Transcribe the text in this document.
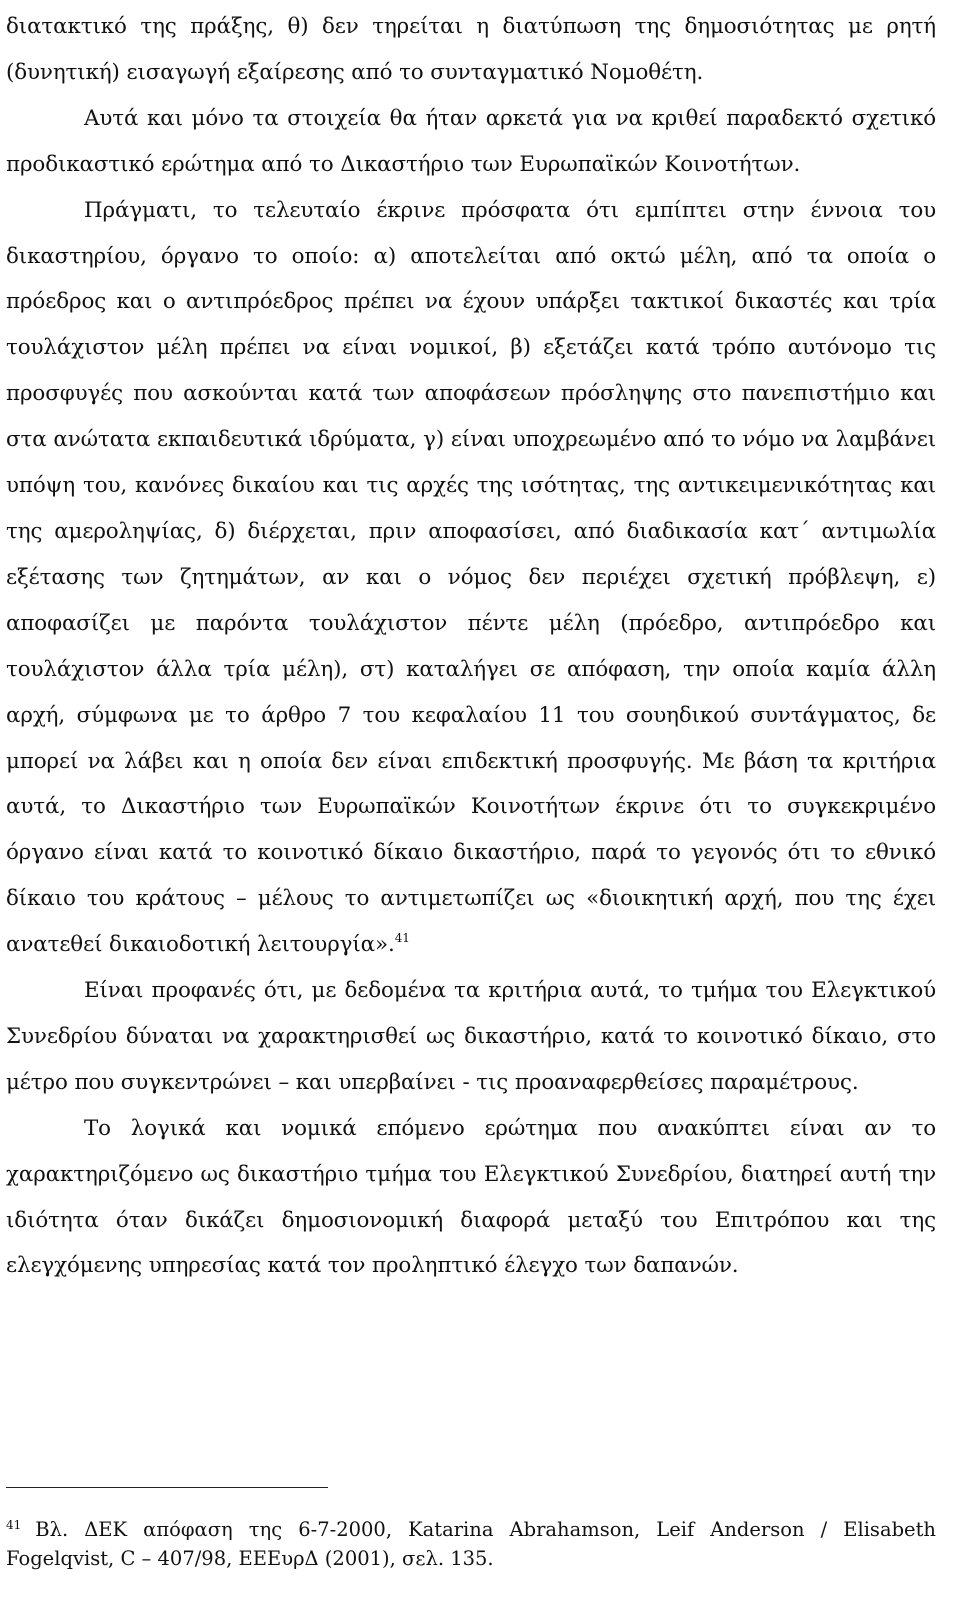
διατακτικό της πράξης, θ) δεν τηρείται η διατύπωση της δημοσιότητας με ρητή (δυνητική) εισαγωγή εξαίρεσης από το συνταγματικό Νομοθέτη.

Αυτά και μόνο τα στοιχεία θα ήταν αρκετά για να κριθεί παραδεκτό σχετικό προδικαστικό ερώτημα από το Δικαστήριο των Ευρωπαϊκών Κοινοτήτων.

Πράγματι, το τελευταίο έκρινε πρόσφατα ότι εμπίπτει στην έννοια του δικαστηρίου, όργανο το οποίο: α) αποτελείται από οκτώ μέλη, από τα οποία ο πρόεδρος και ο αντιπρόεδρος πρέπει να έχουν υπάρξει τακτικοί δικαστές και τρία τουλάχιστον μέλη πρέπει να είναι νομικοί, β) εξετάζει κατά τρόπο αυτόνομο τις προσφυγές που ασκούνται κατά των αποφάσεων πρόσληψης στο πανεπιστήμιο και στα ανώτατα εκπαιδευτικά ιδρύματα, γ) είναι υποχρεωμένο από το νόμο να λαμβάνει υπόψη του, κανόνες δικαίου και τις αρχές της ισότητας, της αντικειμενικότητας και της αμεροληψίας, δ) διέρχεται, πριν αποφασίσει, από διαδικασία κατ΄ αντιμωλία εξέτασης των ζητημάτων, αν και ο νόμος δεν περιέχει σχετική πρόβλεψη, ε) αποφασίζει με παρόντα τουλάχιστον πέντε μέλη (πρόεδρο, αντιπρόεδρο και τουλάχιστον άλλα τρία μέλη), στ) καταλήγει σε απόφαση, την οποία καμία άλλη αρχή, σύμφωνα με το άρθρο 7 του κεφαλαίου 11 του σουηδικού συντάγματος, δε μπορεί να λάβει και η οποία δεν είναι επιδεκτική προσφυγής. Με βάση τα κριτήρια αυτά, το Δικαστήριο των Ευρωπαϊκών Κοινοτήτων έκρινε ότι το συγκεκριμένο όργανο είναι κατά το κοινοτικό δίκαιο δικαστήριο, παρά το γεγονός ότι το εθνικό δίκαιο του κράτους – μέλους το αντιμετωπίζει ως «διοικητική αρχή, που της έχει ανατεθεί δικαιοδοτική λειτουργία».$^{41}$

Είναι προφανές ότι, με δεδομένα τα κριτήρια αυτά, το τμήμα του Ελεγκτικού Συνεδρίου δύναται να χαρακτηρισθεί ως δικαστήριο, κατά το κοινοτικό δίκαιο, στο μέτρο που συγκεντρώνει – και υπερβαίνει - τις προαναφερθείσες παραμέτρους.

Το λογικά και νομικά επόμενο ερώτημα που ανακύπτει είναι αν το χαρακτηριζόμενο ως δικαστήριο τμήμα του Ελεγκτικού Συνεδρίου, διατηρεί αυτή την ιδιότητα όταν δικάζει δημοσιονομική διαφορά μεταξύ του Επιτρόπου και της ελεγχόμενης υπηρεσίας κατά τον προληπτικό έλεγχο των δαπανών.

$^{41}$ Βλ. ΔΕΚ απόφαση της 6-7-2000, Katarina Abrahamson, Leif Anderson / Elisabeth Fogelqvist, C – 407/98, ΕΕΕυρΔ (2001), σελ. 135.
